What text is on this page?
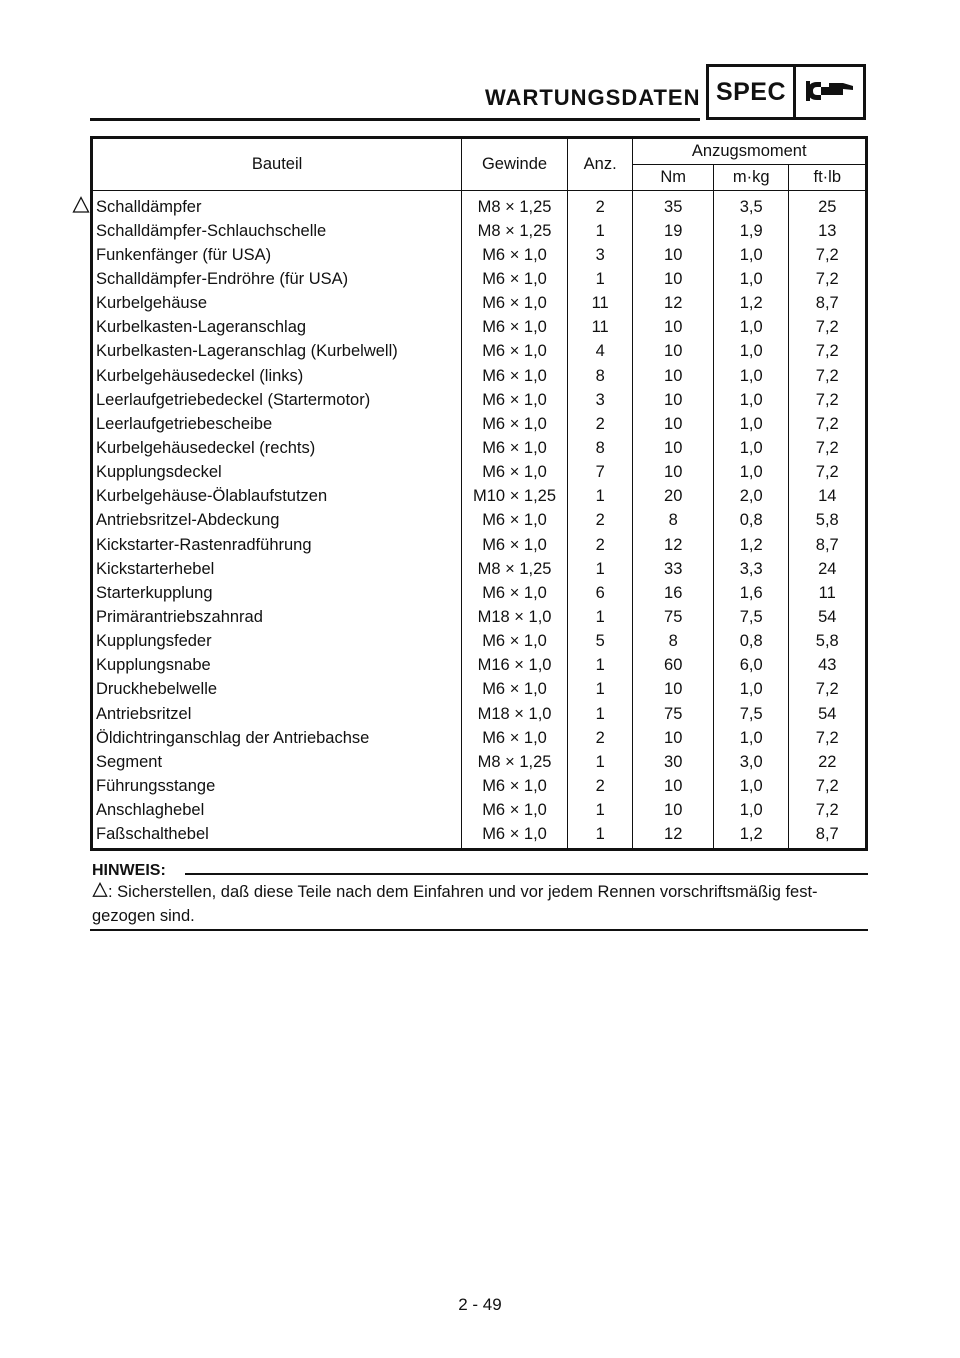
WARTUNGSDATEN SPEC
Bauteil	Gewinde	Anz.	Anzugsmoment		
			Nm	m·kg	ft·lb
Schalldämpfer	M8 × 1,25	2	35	3,5	25
Schalldämpfer-Schlauchschelle	M8 × 1,25	1	19	1,9	13
Funkenfänger (für USA)	M6 × 1,0	3	10	1,0	7,2
Schalldämpfer-Endröhre (für USA)	M6 × 1,0	1	10	1,0	7,2
Kurbelgehäuse	M6 × 1,0	11	12	1,2	8,7
Kurbelkasten-Lageranschlag	M6 × 1,0	11	10	1,0	7,2
Kurbelkasten-Lageranschlag (Kurbelwell)	M6 × 1,0	4	10	1,0	7,2
Kurbelgehäusedeckel (links)	M6 × 1,0	8	10	1,0	7,2
Leerlaufgetriebedeckel (Startermotor)	M6 × 1,0	3	10	1,0	7,2
Leerlaufgetriebescheibe	M6 × 1,0	2	10	1,0	7,2
Kurbelgehäusedeckel (rechts)	M6 × 1,0	8	10	1,0	7,2
Kupplungsdeckel	M6 × 1,0	7	10	1,0	7,2
Kurbelgehäuse-Ölablaufstutzen	M10 × 1,25	1	20	2,0	14
Antriebsritzel-Abdeckung	M6 × 1,0	2	8	0,8	5,8
Kickstarter-Rastenradführung	M6 × 1,0	2	12	1,2	8,7
Kickstarterhebel	M8 × 1,25	1	33	3,3	24
Starterkupplung	M6 × 1,0	6	16	1,6	11
Primärantriebszahnrad	M18 × 1,0	1	75	7,5	54
Kupplungsfeder	M6 × 1,0	5	8	0,8	5,8
Kupplungsnabe	M16 × 1,0	1	60	6,0	43
Druckhebelwelle	M6 × 1,0	1	10	1,0	7,2
Antriebsritzel	M18 × 1,0	1	75	7,5	54
Öldichtringanschlag der Antriebachse	M6 × 1,0	2	10	1,0	7,2
Segment	M8 × 1,25	1	30	3,0	22
Führungsstange	M6 × 1,0	2	10	1,0	7,2
Anschlaghebel	M6 × 1,0	1	10	1,0	7,2
Faßschalthebel	M6 × 1,0	1	12	1,2	8,7
HINWEIS:
: Sicherstellen, daß diese Teile nach dem Einfahren und vor jedem Rennen vorschriftsmäßig fest-gezogen sind.
2 - 49
